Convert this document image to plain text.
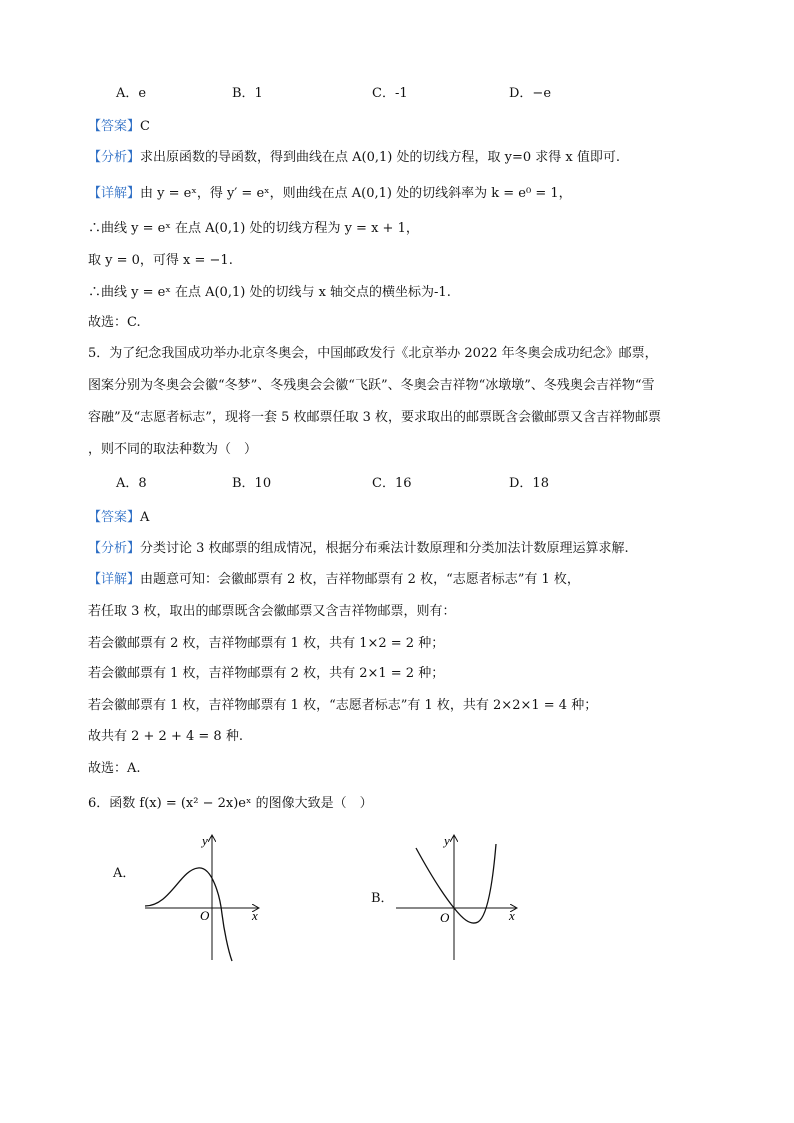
A．e	B．1	C．-1	D．−e
【答案】C
【分析】求出原函数的导函数，得到曲线在点 A(0,1) 处的切线方程，取 y=0 求得 x 值即可.
【详解】由 y = eˣ，得 y′ = eˣ，则曲线在点 A(0,1) 处的切线斜率为 k = e⁰ = 1，
∴曲线 y = eˣ 在点 A(0,1) 处的切线方程为 y = x + 1，
取 y = 0，可得 x = −1.
∴曲线 y = eˣ 在点 A(0,1) 处的切线与 x 轴交点的横坐标为-1.
故选：C.
5．为了纪念我国成功举办北京冬奥会，中国邮政发行《北京举办 2022 年冬奥会成功纪念》邮票，
图案分别为冬奥会会徽“冬梦”、冬残奥会会徽“飞跃”、冬奥会吉祥物“冰墩墩”、冬残奥会吉祥物“雪
容融”及“志愿者标志”，现将一套 5 枚邮票任取 3 枚，要求取出的邮票既含会徽邮票又含吉祥物邮票
，则不同的取法种数为（　）
A．8	B．10	C．16	D．18
【答案】A
【分析】分类讨论 3 枚邮票的组成情况，根据分布乘法计数原理和分类加法计数原理运算求解.
【详解】由题意可知：会徽邮票有 2 枚，吉祥物邮票有 2 枚，“志愿者标志”有 1 枚，
若任取 3 枚，取出的邮票既含会徽邮票又含吉祥物邮票，则有：
若会徽邮票有 2 枚，吉祥物邮票有 1 枚，共有 1×2 = 2 种；
若会徽邮票有 1 枚，吉祥物邮票有 2 枚，共有 2×1 = 2 种；
若会徽邮票有 1 枚，吉祥物邮票有 1 枚，“志愿者标志”有 1 枚，共有 2×2×1 = 4 种；
故共有 2 + 2 + 4 = 8 种.
故选：A.
6．函数 f(x) = (x² − 2x)eˣ 的图像大致是（　）
A．
O	x
y
B．
O	x
y
